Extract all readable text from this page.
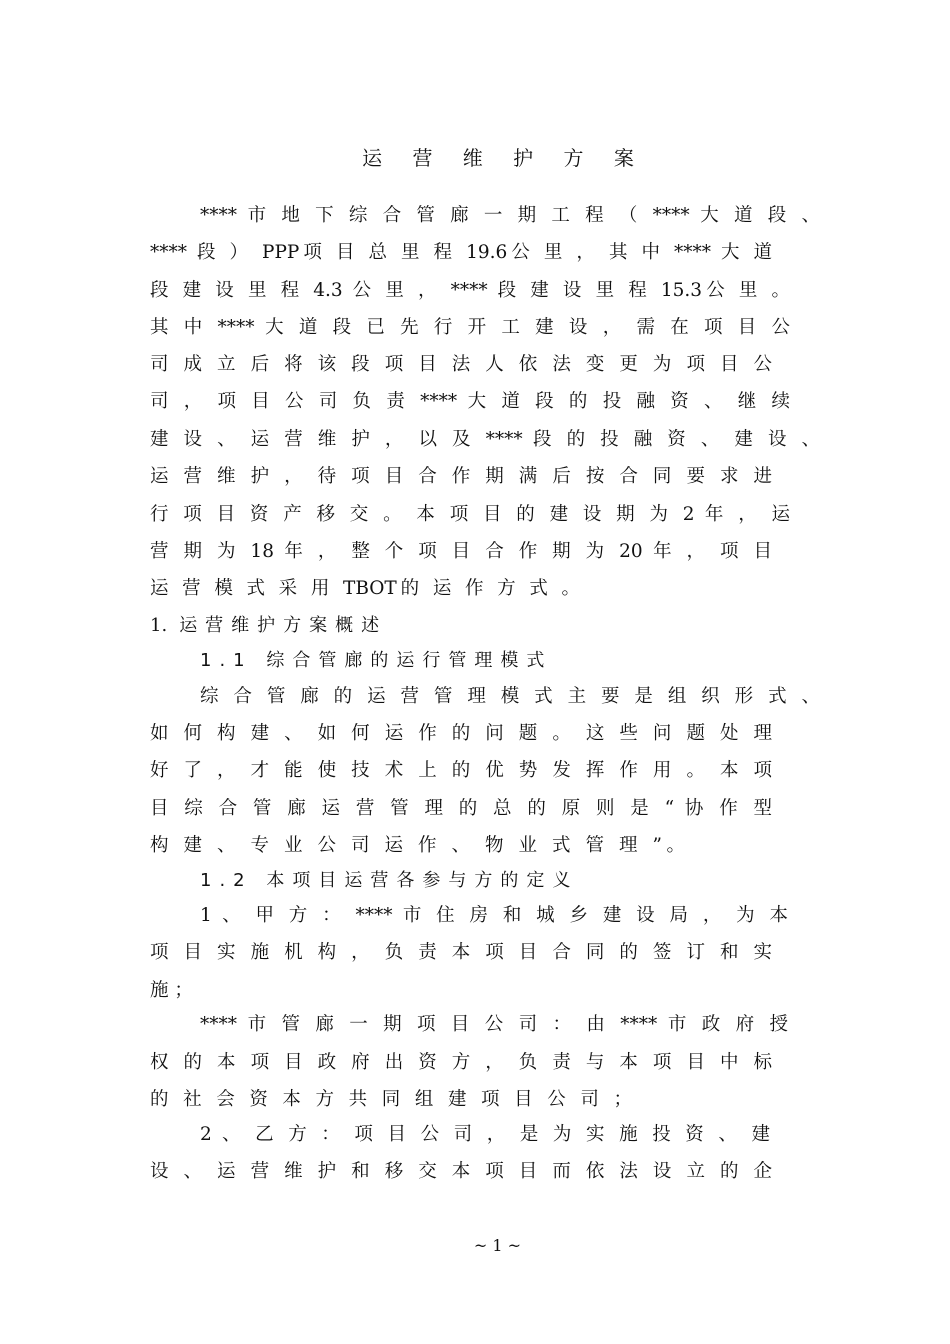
运 营 维 护 方 案
**** 市 地 下 综 合 管 廊 一 期 工 程 （ **** 大 道 段 、
**** 段 ） PPP项 目 总 里 程 19.6公 里 ， 其 中 **** 大 道
段 建 设 里 程 4.3 公 里 ， **** 段 建 设 里 程 15.3公 里 。
其 中 **** 大 道 段 已 先 行 开 工 建 设 ， 需 在 项 目 公
司 成 立 后 将 该 段 项 目 法 人 依 法 变 更 为 项 目 公
司 ， 项 目 公 司 负 责 **** 大 道 段 的 投 融 资 、 继 续
建 设 、 运 营 维 护 ， 以 及 **** 段 的 投 融 资 、 建 设 、
运 营 维 护 ， 待 项 目 合 作 期 满 后 按 合 同 要 求 进
行 项 目 资 产 移 交 。 本 项 目 的 建 设 期 为 2 年 ， 运
营 期 为 18 年 ， 整 个 项 目 合 作 期 为 20 年 ， 项 目
运 营 模 式 采 用 TBOT的 运 作 方 式 。
1. 运营维护方案概述
1.1 综合管廊的运行管理模式
综 合 管 廊 的 运 营 管 理 模 式 主 要 是 组 织 形 式 、
如 何 构 建 、 如 何 运 作 的 问 题 。 这 些 问 题 处 理
好 了 ， 才 能 使 技 术 上 的 优 势 发 挥 作 用 。 本 项
目 综 合 管 廊 运 营 管 理 的 总 的 原 则 是 “ 协 作 型
构 建 、 专 业 公 司 运 作 、 物 业 式 管 理 ”。
1.2 本项目运营各参与方的定义
1 、 甲 方 ： **** 市 住 房 和 城 乡 建 设 局 ， 为 本
项 目 实 施 机 构 ， 负 责 本 项 目 合 同 的 签 订 和 实
施 ；
**** 市 管 廊 一 期 项 目 公 司 ： 由 **** 市 政 府 授
权 的 本 项 目 政 府 出 资 方 ， 负 责 与 本 项 目 中 标
的 社 会 资 本 方 共 同 组 建 项 目 公 司 ；
2 、 乙 方 ： 项 目 公 司 ， 是 为 实 施 投 资 、 建
设 、 运 营 维 护 和 移 交 本 项 目 而 依 法 设 立 的 企
~ 1 ~
